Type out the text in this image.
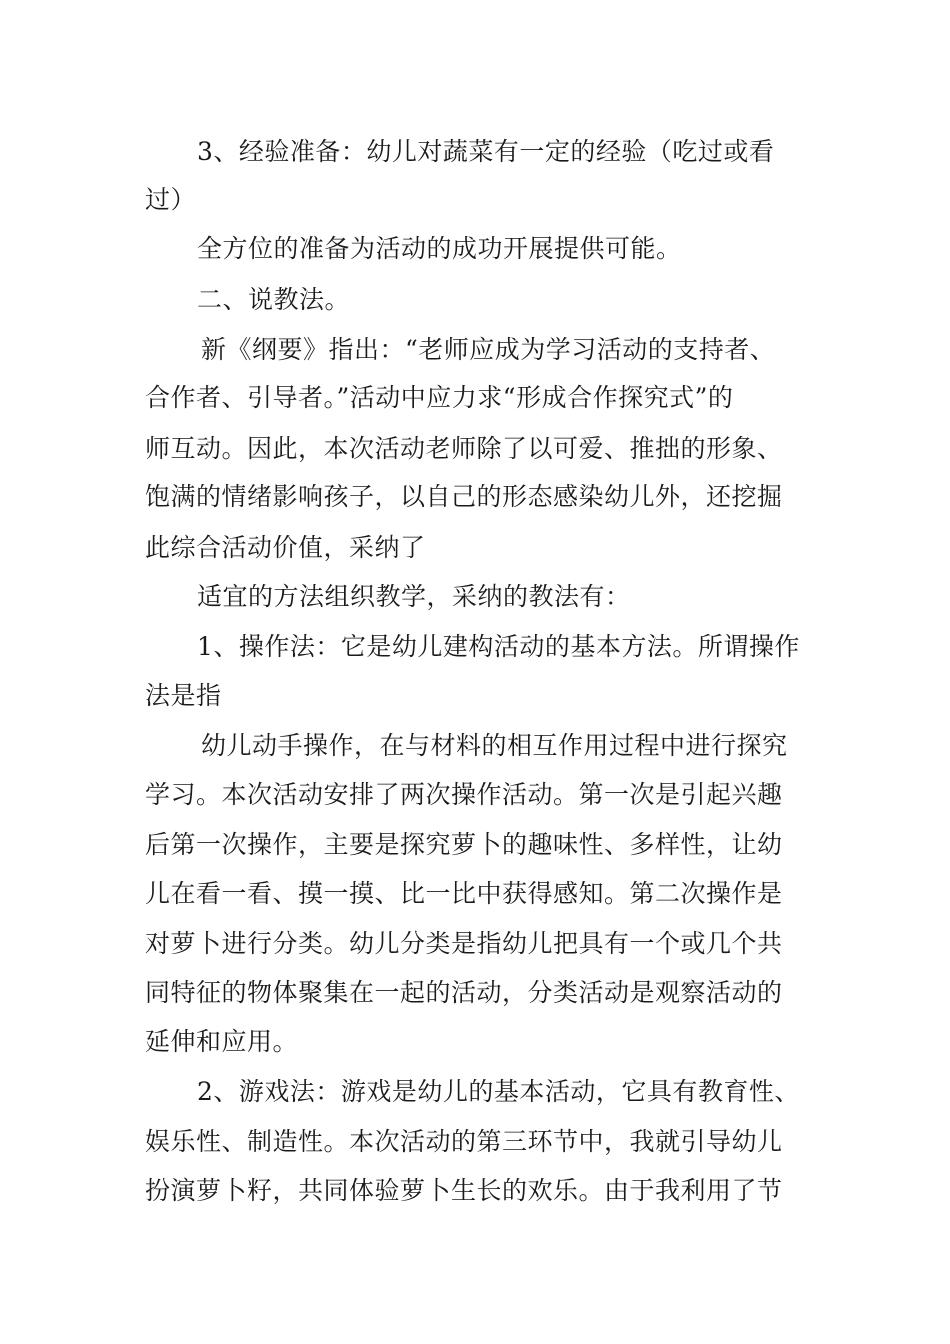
3、经验准备：幼儿对蔬菜有一定的经验（吃过或看
过）
全方位的准备为活动的成功开展提供可能。
二、说教法。
新《纲要》指出：“老师应成为学习活动的支持者、
合作者、引导者。”活动中应力求“形成合作探究式”的
师互动。因此，本次活动老师除了以可爱、推拙的形象、
饱满的情绪影响孩子，以自己的形态感染幼儿外，还挖掘
此综合活动价值，采纳了
适宜的方法组织教学，采纳的教法有：
1、操作法：它是幼儿建构活动的基本方法。所谓操作
法是指
幼儿动手操作，在与材料的相互作用过程中进行探究
学习。本次活动安排了两次操作活动。第一次是引起兴趣
后第一次操作，主要是探究萝卜的趣味性、多样性，让幼
儿在看一看、摸一摸、比一比中获得感知。第二次操作是
对萝卜进行分类。幼儿分类是指幼儿把具有一个或几个共
同特征的物体聚集在一起的活动，分类活动是观察活动的
延伸和应用。
2、游戏法：游戏是幼儿的基本活动，它具有教育性、
娱乐性、制造性。本次活动的第三环节中，我就引导幼儿
扮演萝卜籽，共同体验萝卜生长的欢乐。由于我利用了节
